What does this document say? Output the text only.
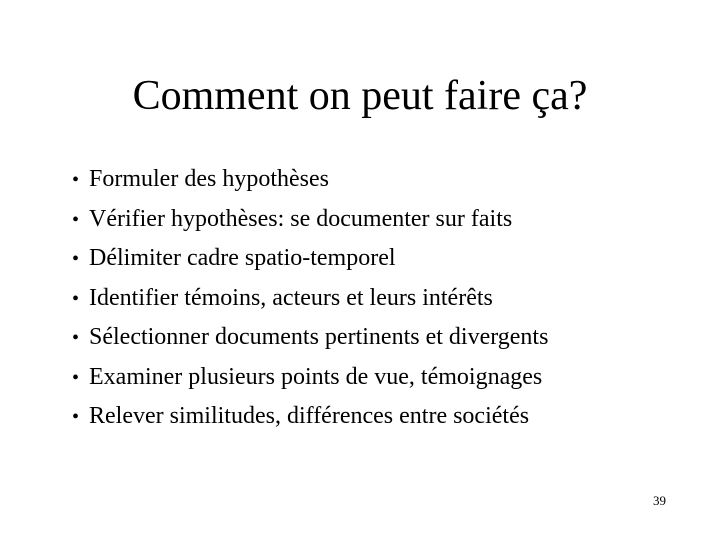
Comment on peut faire ça?
• Formuler des hypothèses
• Vérifier hypothèses: se documenter sur faits
• Délimiter cadre spatio-temporel
• Identifier témoins, acteurs et leurs intérêts
• Sélectionner documents pertinents et divergents
• Examiner plusieurs points de vue, témoignages
• Relever similitudes, différences entre sociétés
39
